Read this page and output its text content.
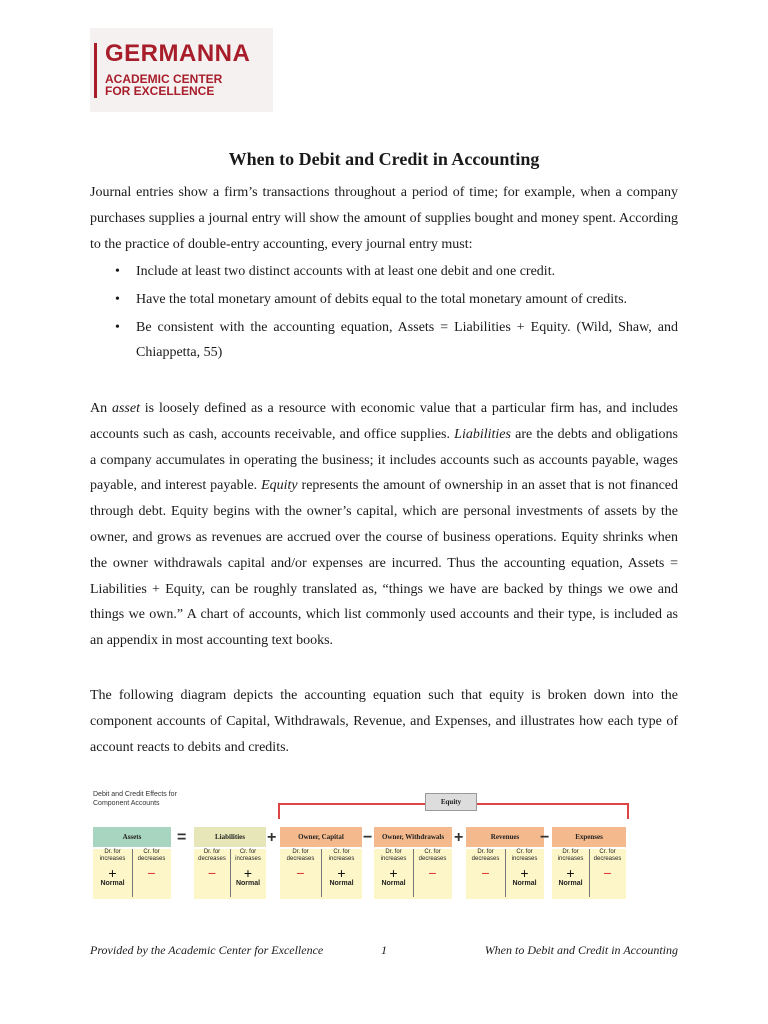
GERMANNA
ACADEMIC CENTER
FOR EXCELLENCE
When to Debit and Credit in Accounting

Journal entries show a firm’s transactions throughout a period of time; for example, when a company purchases supplies a journal entry will show the amount of supplies bought and money spent. According to the practice of double-entry accounting, every journal entry must:

• Include at least two distinct accounts with at least one debit and one credit.
• Have the total monetary amount of debits equal to the total monetary amount of credits.
• Be consistent with the accounting equation, Assets = Liabilities + Equity. (Wild, Shaw, and Chiappetta, 55)

An asset is loosely defined as a resource with economic value that a particular firm has, and includes accounts such as cash, accounts receivable, and office supplies. Liabilities are the debts and obligations a company accumulates in operating the business; it includes accounts such as accounts payable, wages payable, and interest payable. Equity represents the amount of ownership in an asset that is not financed through debt. Equity begins with the owner’s capital, which are personal investments of assets by the owner, and grows as revenues are accrued over the course of business operations. Equity shrinks when the owner withdrawals capital and/or expenses are incurred. Thus the accounting equation, Assets = Liabilities + Equity, can be roughly translated as, “things we have are backed by things we owe and things we own.” A chart of accounts, which list commonly used accounts and their type, is included as an appendix in most accounting text books.

The following diagram depicts the accounting equation such that equity is broken down into the component accounts of Capital, Withdrawals, Revenue, and Expenses, and illustrates how each type of account reacts to debits and credits.

Debit and Credit Effects for
Component Accounts	Equity
Assets
Dr. for
increases
+
Normal
Cr. for
decreases
−
Liabilities
Dr. for
decreases
−
Cr. for
increases
+
Normal
Owner, Capital
Dr. for
decreases
−
Cr. for
increases
+
Normal
Owner, Withdrawals
Dr. for
increases
+
Normal
Cr. for
decreases
−
Revenues
Dr. for
decreases
−
Cr. for
increases
+
Normal
Expenses
Dr. for
increases
+
Normal
Cr. for
decreases
−
=	+	−	+	−
Provided by the Academic Center for Excellence	1	When to Debit and Credit in Accounting
